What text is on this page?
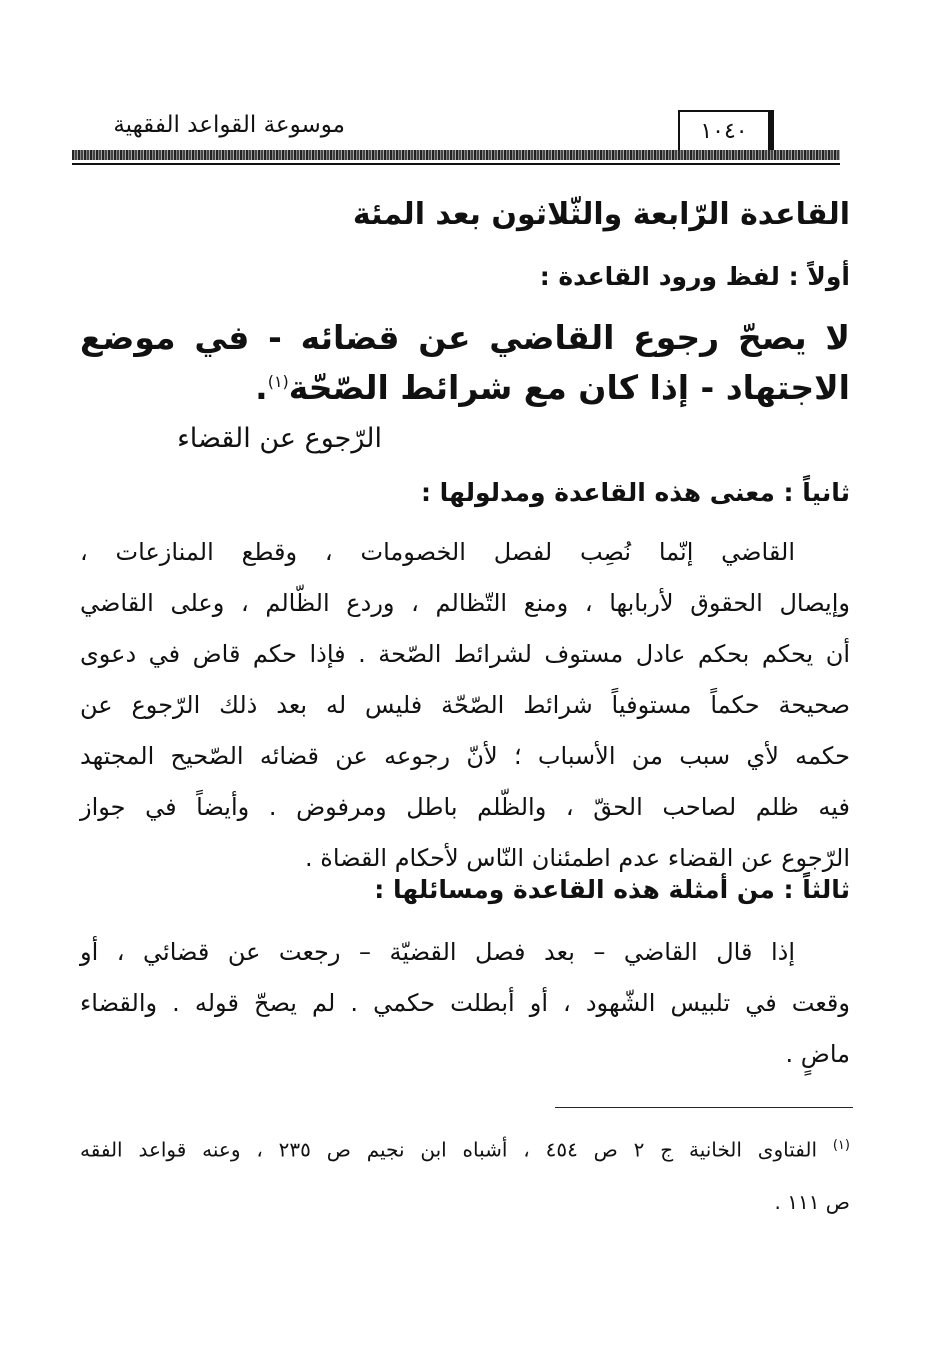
١٠٤٠
موسوعة القواعد الفقهية
القاعدة الرّابعة والثّلاثون بعد المئة
أولاً : لفظ ورود القاعدة :
لا يصحّ رجوع القاضي عن قضائه - في موضع
الاجتهاد - إذا كان مع شرائط الصّحّة$^{(١)}$.
الرّجوع عن القضاء
ثانياً : معنى هذه القاعدة ومدلولها :
القاضي إنّما نُصِب لفصل الخصومات ، وقطع المنازعات ،
وإيصال الحقوق لأربابها ، ومنع التّظالم ، وردع الظّالم ، وعلى القاضي
أن يحكم بحكم عادل مستوف لشرائط الصّحة . فإذا حكم قاض في دعوى
صحيحة حكماً مستوفياً شرائط الصّحّة فليس له بعد ذلك الرّجوع عن
حكمه لأي سبب من الأسباب ؛ لأنّ رجوعه عن قضائه الصّحيح المجتهد
فيه ظلم لصاحب الحقّ ، والظّلم باطل ومرفوض . وأيضاً في جواز
الرّجوع عن القضاء عدم اطمئنان النّاس لأحكام القضاة .
ثالثاً : من أمثلة هذه القاعدة ومسائلها :
إذا قال القاضي – بعد فصل القضيّة – رجعت عن قضائي ، أو
وقعت في تلبيس الشّهود ، أو أبطلت حكمي . لم يصحّ قوله . والقضاء
ماضٍ .
$^{(١)}$ الفتاوى الخانية ج ٢ ص ٤٥٤ ، أشباه ابن نجيم ص ٢٣٥ ، وعنه قواعد الفقه
ص ١١١ .
